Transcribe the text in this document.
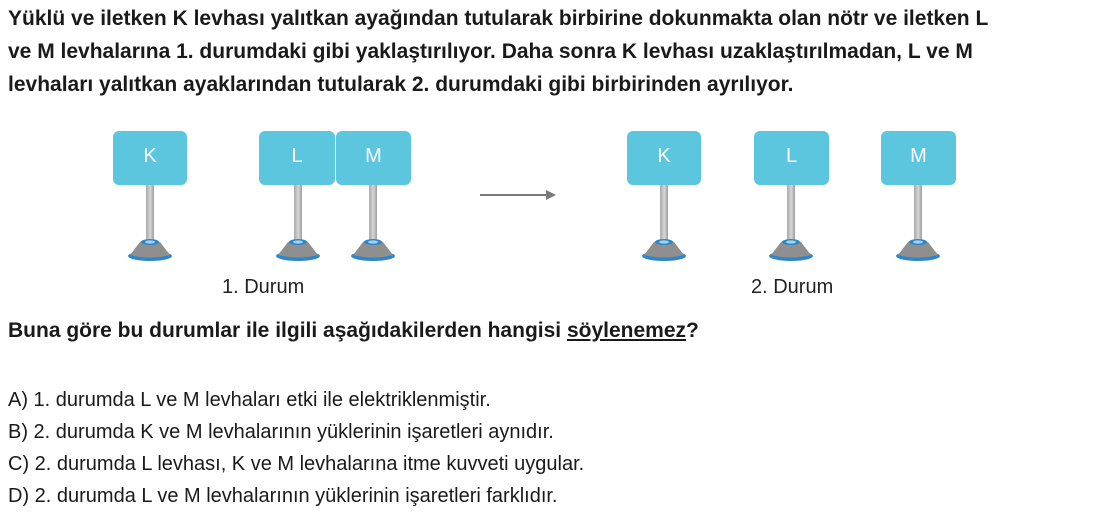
Yüklü ve iletken K levhası yalıtkan ayağından tutularak birbirine dokunmakta olan nötr ve iletken L
ve M levhalarına 1. durumdaki gibi yaklaştırılıyor. Daha sonra K levhası uzaklaştırılmadan, L ve M
levhaları yalıtkan ayaklarından tutularak 2. durumdaki gibi birbirinden ayrılıyor.

K	L	M
1. Durum
K	L	M
2. Durum

Buna göre bu durumlar ile ilgili aşağıdakilerden hangisi söylenemez?

A) 1. durumda L ve M levhaları etki ile elektriklenmiştir.
B) 2. durumda K ve M levhalarının yüklerinin işaretleri aynıdır.
C) 2. durumda L levhası, K ve M levhalarına itme kuvveti uygular.
D) 2. durumda L ve M levhalarının yüklerinin işaretleri farklıdır.
